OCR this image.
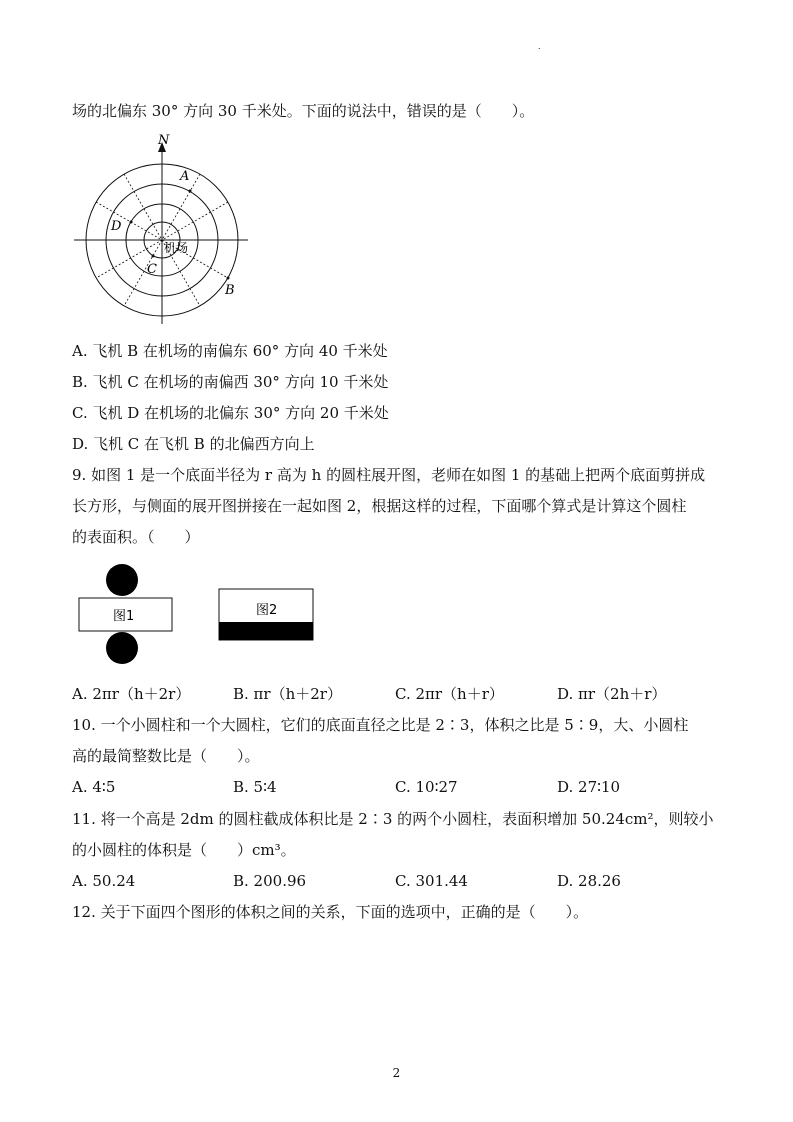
.
场的北偏东 30° 方向 30 千米处。下面的说法中，错误的是（　　）。
N
A
B
C
D
机场
A. 飞机 B 在机场的南偏东 60° 方向 40 千米处
B. 飞机 C 在机场的南偏西 30° 方向 10 千米处
C. 飞机 D 在机场的北偏东 30° 方向 20 千米处
D. 飞机 C 在飞机 B 的北偏西方向上
9. 如图 1 是一个底面半径为 r 高为 h 的圆柱展开图，老师在如图 1 的基础上把两个底面剪拼成
长方形，与侧面的展开图拼接在一起如图 2，根据这样的过程，下面哪个算式是计算这个圆柱
的表面积。（　　）
图1	图2
A. 2πr（h＋2r）	B. πr（h＋2r）	C. 2πr（h＋r）	D. πr（2h＋r）
10. 一个小圆柱和一个大圆柱，它们的底面直径之比是 2∶3，体积之比是 5∶9，大、小圆柱
高的最简整数比是（　　）。
A. 4∶5	B. 5∶4	C. 10∶27	D. 27∶10
11. 将一个高是 2dm 的圆柱截成体积比是 2∶3 的两个小圆柱，表面积增加 50.24cm²，则较小
的小圆柱的体积是（　　）cm³。
A. 50.24	B. 200.96	C. 301.44	D. 28.26
12. 关于下面四个图形的体积之间的关系，下面的选项中，正确的是（　　）。
2
